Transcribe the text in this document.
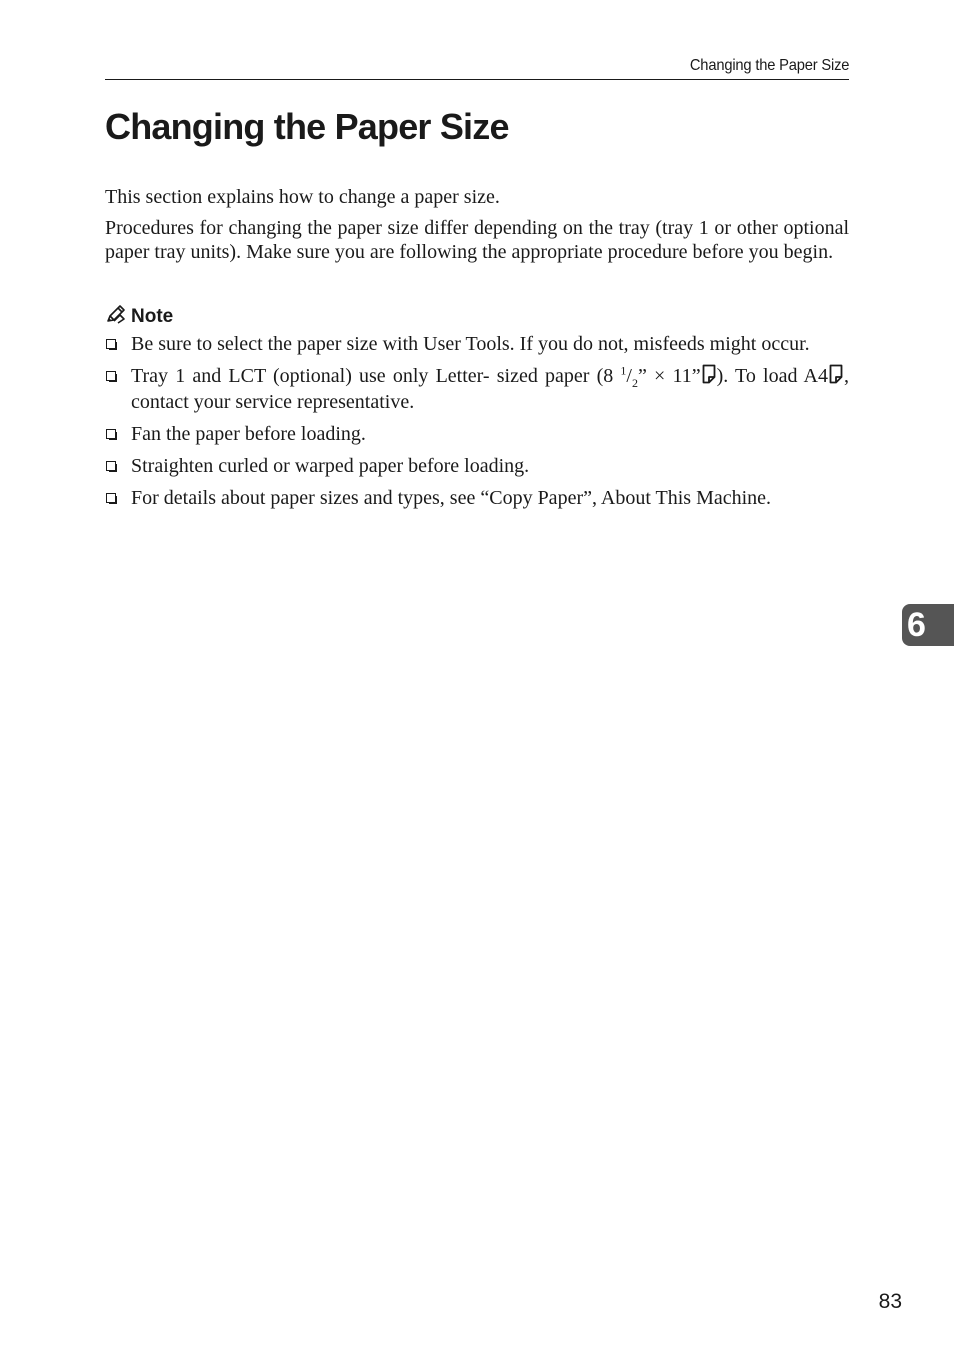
Changing the Paper Size
Changing the Paper Size

This section explains how to change a paper size.

Procedures for changing the paper size differ depending on the tray (tray 1 or other optional paper tray units). Make sure you are following the appropriate procedure before you begin.

Note
Be sure to select the paper size with User Tools. If you do not, misfeeds might occur.
Tray 1 and LCT (optional) use only Letter- sized paper (8 $^1/_2$” × 11” ). To load A4 , contact your service representative.
Fan the paper before loading.
Straighten curled or warped paper before loading.
For details about paper sizes and types, see “Copy Paper”, About This Machine.
6
83
